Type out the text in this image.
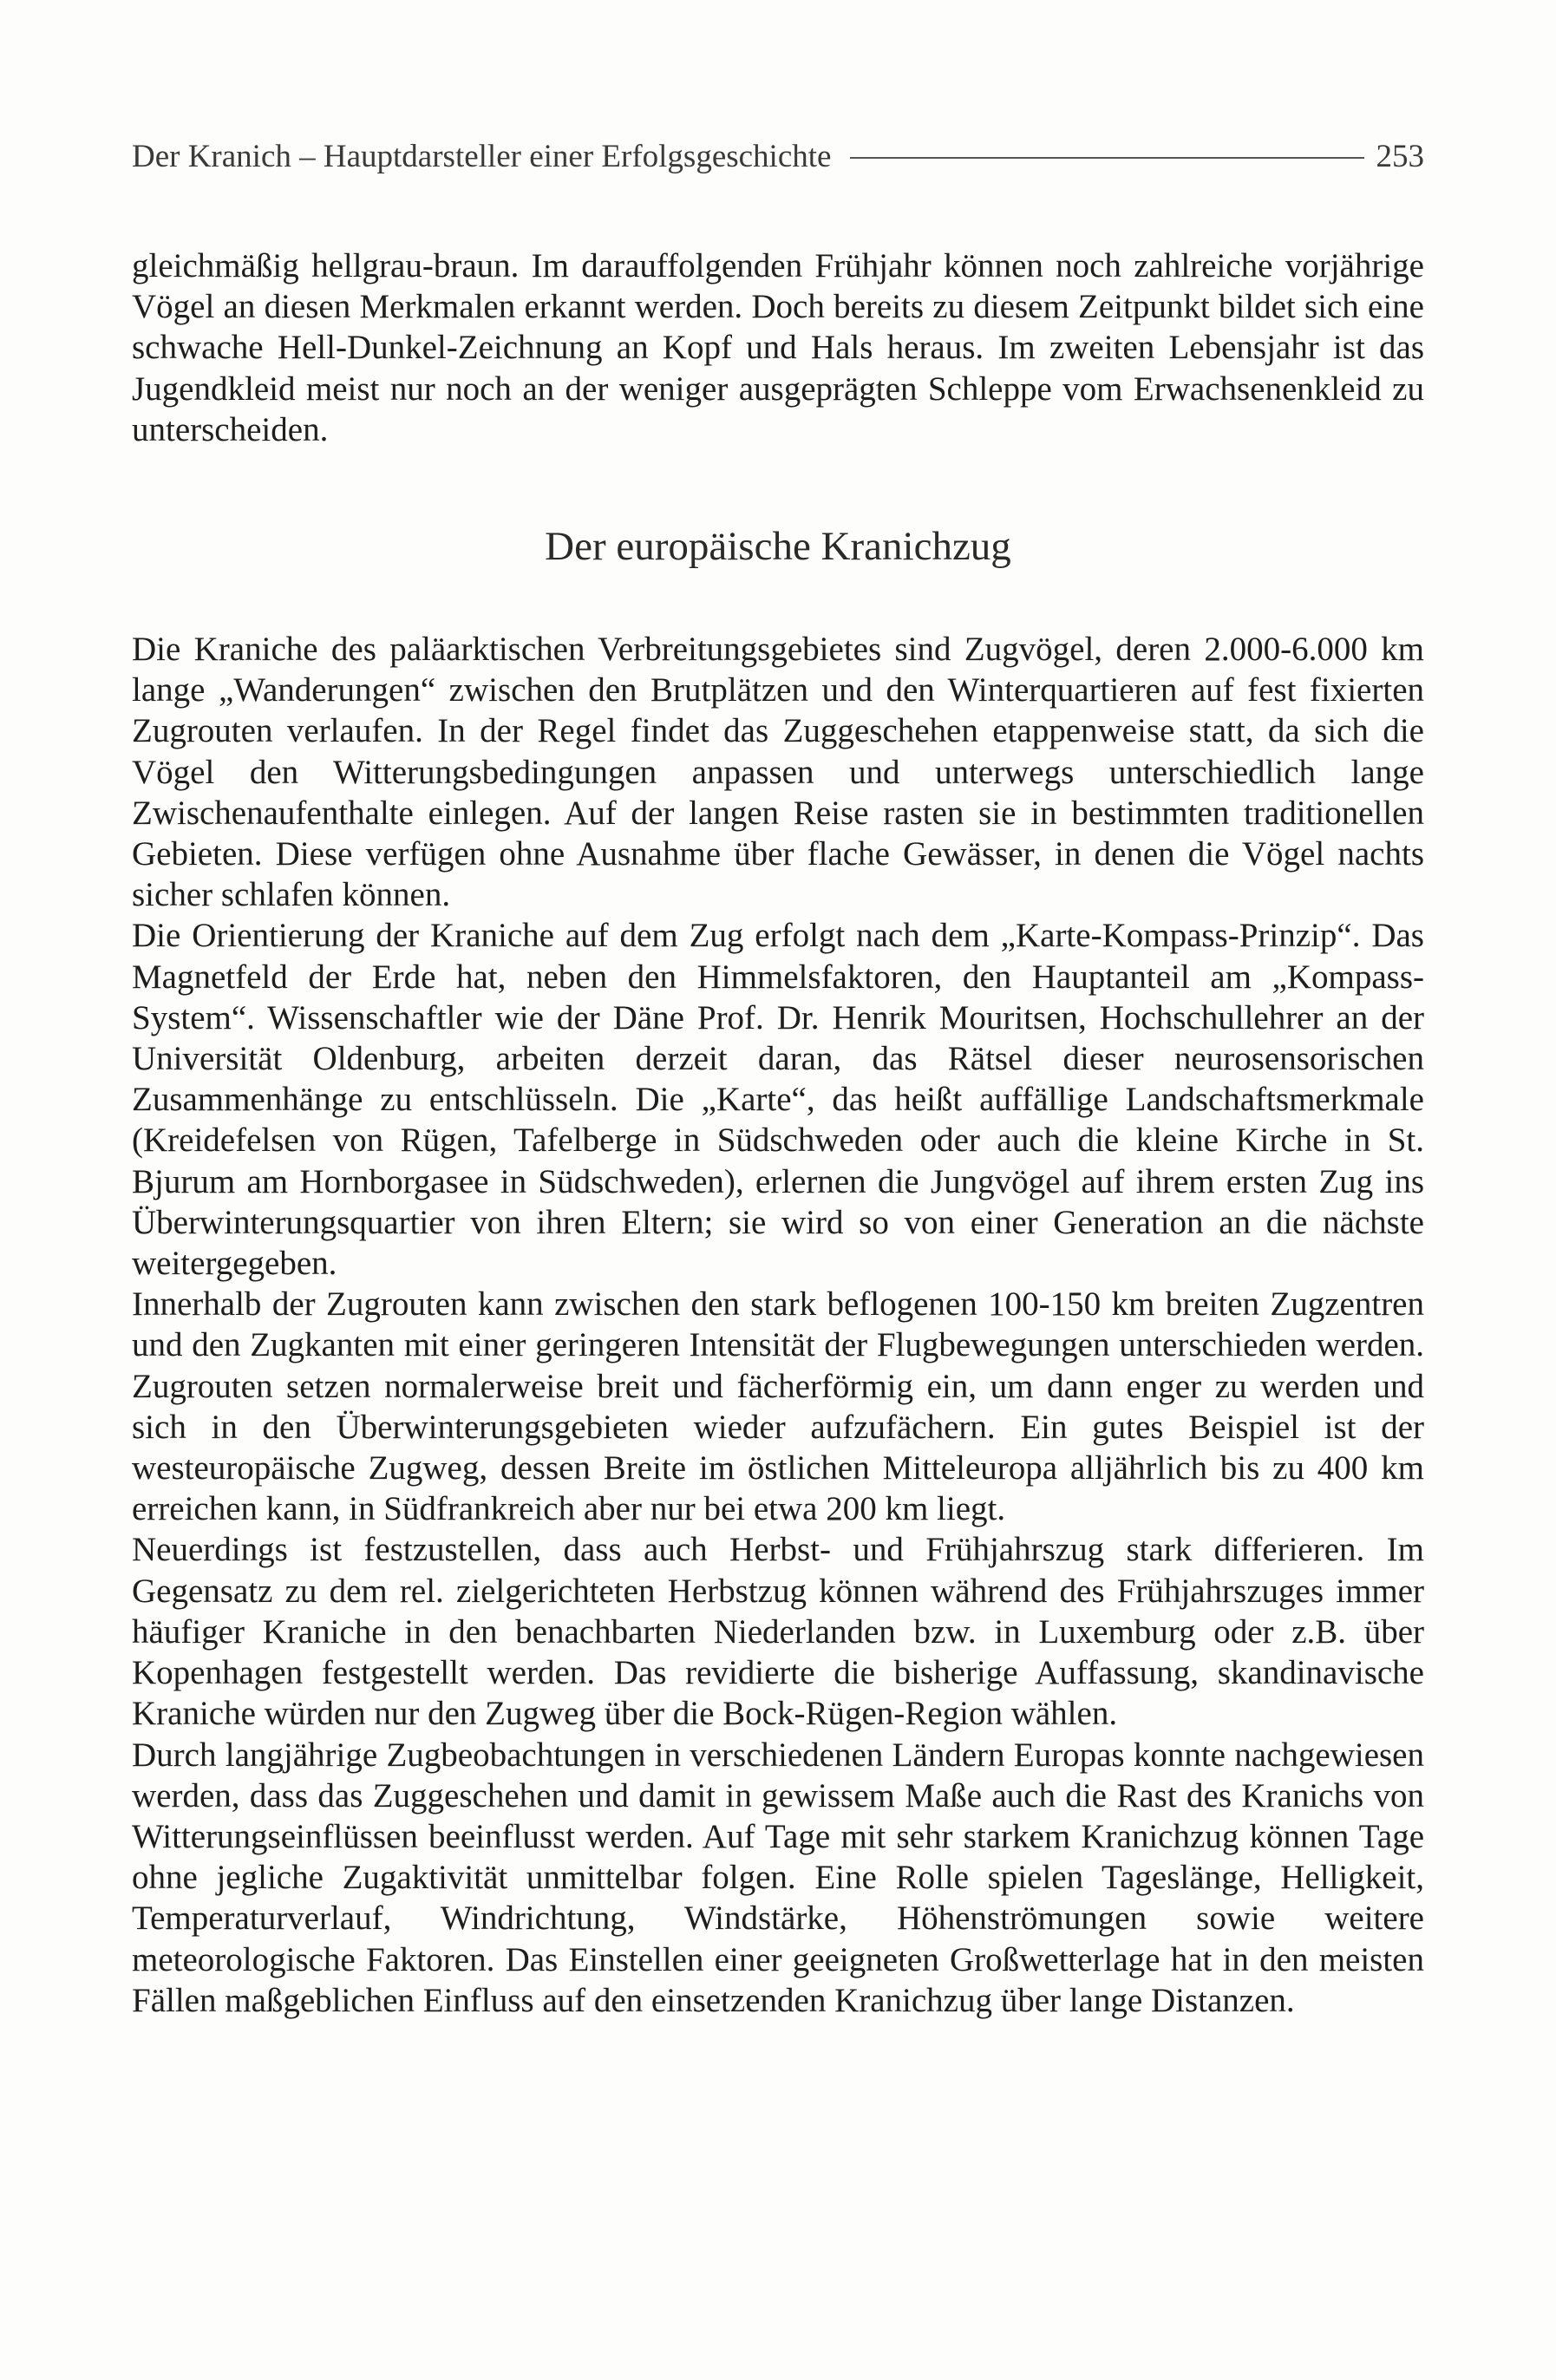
Der Kranich – Hauptdarsteller einer Erfolgsgeschichte	253

gleichmäßig hellgrau-braun. Im darauffolgenden Frühjahr können noch zahlreiche vorjährige Vögel an diesen Merkmalen erkannt werden. Doch bereits zu diesem Zeitpunkt bildet sich eine schwache Hell-Dunkel-Zeichnung an Kopf und Hals heraus. Im zweiten Lebensjahr ist das Jugendkleid meist nur noch an der weniger ausgeprägten Schleppe vom Erwachsenenkleid zu unterscheiden.

Der europäische Kranichzug

Die Kraniche des paläarktischen Verbreitungsgebietes sind Zugvögel, deren 2.000-6.000 km lange „Wanderungen“ zwischen den Brutplätzen und den Winterquartieren auf fest fixierten Zugrouten verlaufen. In der Regel findet das Zuggeschehen etappenweise statt, da sich die Vögel den Witterungsbedingungen anpassen und unterwegs unterschiedlich lange Zwischenaufenthalte einlegen. Auf der langen Reise rasten sie in bestimmten traditionellen Gebieten. Diese verfügen ohne Ausnahme über flache Gewässer, in denen die Vögel nachts sicher schlafen können.

Die Orientierung der Kraniche auf dem Zug erfolgt nach dem „Karte-Kompass-Prinzip“. Das Magnetfeld der Erde hat, neben den Himmelsfaktoren, den Hauptanteil am „Kompass-System“. Wissenschaftler wie der Däne Prof. Dr. Henrik Mouritsen, Hochschullehrer an der Universität Oldenburg, arbeiten derzeit daran, das Rätsel dieser neurosensorischen Zusammenhänge zu entschlüsseln. Die „Karte“, das heißt auffällige Landschaftsmerkmale (Kreidefelsen von Rügen, Tafelberge in Südschweden oder auch die kleine Kirche in St. Bjurum am Hornborgasee in Südschweden), erlernen die Jungvögel auf ihrem ersten Zug ins Überwinterungsquartier von ihren Eltern; sie wird so von einer Generation an die nächste weitergegeben.

Innerhalb der Zugrouten kann zwischen den stark beflogenen 100-150 km breiten Zugzentren und den Zugkanten mit einer geringeren Intensität der Flugbewegungen unterschieden werden. Zugrouten setzen normalerweise breit und fächerförmig ein, um dann enger zu werden und sich in den Überwinterungsgebieten wieder aufzufächern. Ein gutes Beispiel ist der westeuropäische Zugweg, dessen Breite im östlichen Mitteleuropa alljährlich bis zu 400 km erreichen kann, in Südfrankreich aber nur bei etwa 200 km liegt.

Neuerdings ist festzustellen, dass auch Herbst- und Frühjahrszug stark differieren. Im Gegensatz zu dem rel. zielgerichteten Herbstzug können während des Frühjahrszuges immer häufiger Kraniche in den benachbarten Niederlanden bzw. in Luxemburg oder z.B. über Kopenhagen festgestellt werden. Das revidierte die bisherige Auffassung, skandinavische Kraniche würden nur den Zugweg über die Bock-Rügen-Region wählen.

Durch langjährige Zugbeobachtungen in verschiedenen Ländern Europas konnte nachgewiesen werden, dass das Zuggeschehen und damit in gewissem Maße auch die Rast des Kranichs von Witterungseinflüssen beeinflusst werden. Auf Tage mit sehr starkem Kranichzug können Tage ohne jegliche Zugaktivität unmittelbar folgen. Eine Rolle spielen Tageslänge, Helligkeit, Temperaturverlauf, Windrichtung, Windstärke, Höhenströmungen sowie weitere meteorologische Faktoren. Das Einstellen einer geeigneten Großwetterlage hat in den meisten Fällen maßgeblichen Einfluss auf den einsetzenden Kranichzug über lange Distanzen.
